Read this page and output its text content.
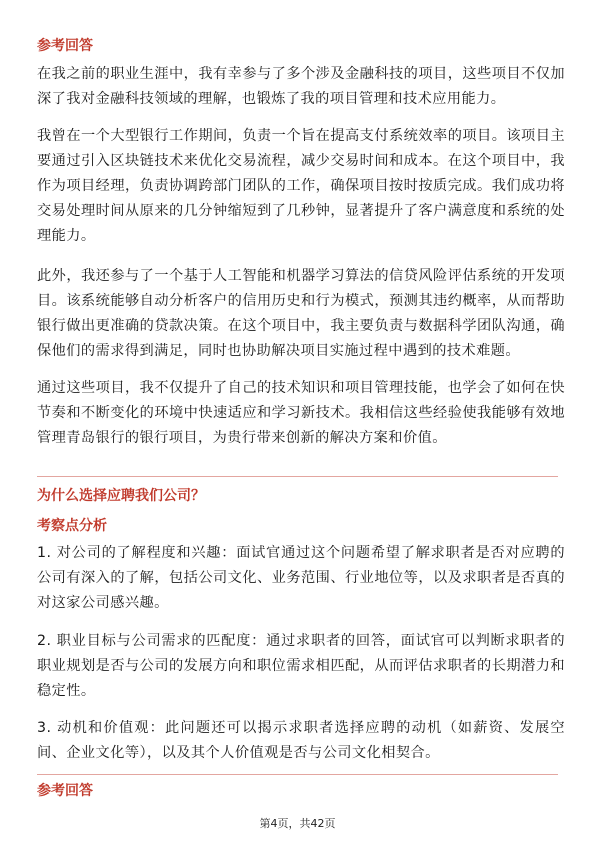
参考回答

在我之前的职业生涯中，我有幸参与了多个涉及金融科技的项目，这些项目不仅加深了我对金融科技领域的理解，也锻炼了我的项目管理和技术应用能力。

我曾在一个大型银行工作期间，负责一个旨在提高支付系统效率的项目。该项目主要通过引入区块链技术来优化交易流程，减少交易时间和成本。在这个项目中，我作为项目经理，负责协调跨部门团队的工作，确保项目按时按质完成。我们成功将交易处理时间从原来的几分钟缩短到了几秒钟，显著提升了客户满意度和系统的处理能力。

此外，我还参与了一个基于人工智能和机器学习算法的信贷风险评估系统的开发项目。该系统能够自动分析客户的信用历史和行为模式，预测其违约概率，从而帮助银行做出更准确的贷款决策。在这个项目中，我主要负责与数据科学团队沟通，确保他们的需求得到满足，同时也协助解决项目实施过程中遇到的技术难题。

通过这些项目，我不仅提升了自己的技术知识和项目管理技能，也学会了如何在快节奏和不断变化的环境中快速适应和学习新技术。我相信这些经验使我能够有效地管理青岛银行的银行项目，为贵行带来创新的解决方案和价值。

为什么选择应聘我们公司？
考察点分析

1. 对公司的了解程度和兴趣：面试官通过这个问题希望了解求职者是否对应聘的公司有深入的了解，包括公司文化、业务范围、行业地位等，以及求职者是否真的对这家公司感兴趣。

2. 职业目标与公司需求的匹配度：通过求职者的回答，面试官可以判断求职者的职业规划是否与公司的发展方向和职位需求相匹配，从而评估求职者的长期潜力和稳定性。

3. 动机和价值观：此问题还可以揭示求职者选择应聘的动机（如薪资、发展空间、企业文化等），以及其个人价值观是否与公司文化相契合。

参考回答
第4页，共42页
